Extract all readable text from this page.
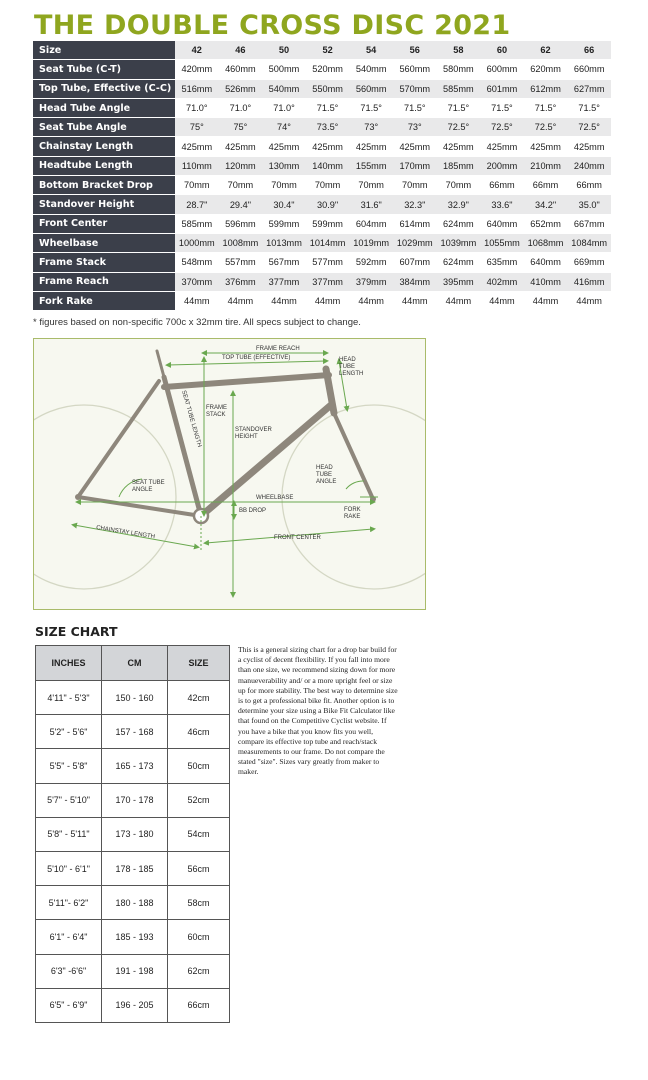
THE DOUBLE CROSS DISC 2021
Size	42	46	50	52	54	56	58	60	62	66
Seat Tube (C-T)	420mm	460mm	500mm	520mm	540mm	560mm	580mm	600mm	620mm	660mm
Top Tube, Effective (C-C)	516mm	526mm	540mm	550mm	560mm	570mm	585mm	601mm	612mm	627mm
Head Tube Angle	71.0°	71.0°	71.0°	71.5°	71.5°	71.5°	71.5°	71.5°	71.5°	71.5°
Seat Tube Angle	75°	75°	74°	73.5°	73°	73°	72.5°	72.5°	72.5°	72.5°
Chainstay Length	425mm	425mm	425mm	425mm	425mm	425mm	425mm	425mm	425mm	425mm
Headtube Length	110mm	120mm	130mm	140mm	155mm	170mm	185mm	200mm	210mm	240mm
Bottom Bracket Drop	70mm	70mm	70mm	70mm	70mm	70mm	70mm	66mm	66mm	66mm
Standover Height	28.7"	29.4"	30.4"	30.9"	31.6"	32.3"	32.9"	33.6"	34.2"	35.0"
Front Center	585mm	596mm	599mm	599mm	604mm	614mm	624mm	640mm	652mm	667mm
Wheelbase	1000mm	1008mm	1013mm	1014mm	1019mm	1029mm	1039mm	1055mm	1068mm	1084mm
Frame Stack	548mm	557mm	567mm	577mm	592mm	607mm	624mm	635mm	640mm	669mm
Frame Reach	370mm	376mm	377mm	377mm	379mm	384mm	395mm	402mm	410mm	416mm
Fork Rake	44mm	44mm	44mm	44mm	44mm	44mm	44mm	44mm	44mm	44mm
* figures based on non-specific 700c x 32mm tire. All specs subject to change.
FRAME REACH
TOP TUBE (EFFECTIVE)	HEAD
TUBE
LENGTH
SEAT TUBE LENGTH FRAME
STACK
STANDOVER
HEIGHT
HEAD
TUBE
ANGLE
SEAT TUBE
ANGLE
WHEELBASE
BB DROP	FORK
RAKE
CHAINSTAY LENGTH	FRONT CENTER
SIZE CHART
INCHES	CM	SIZE
4'11" - 5'3"	150 - 160	42cm
5'2" - 5'6"	157 - 168	46cm
5'5" - 5'8"	165 - 173	50cm
5'7" - 5'10"	170 - 178	52cm
5'8" - 5'11"	173 - 180	54cm
5'10" - 6'1"	178 - 185	56cm
5'11"- 6'2"	180 - 188	58cm
6'1" - 6'4"	185 - 193	60cm
6'3" -6'6"	191 - 198	62cm
6'5" - 6'9"	196 - 205	66cm
This is a general sizing chart for a drop bar build for a cyclist of decent flexibility. If you fall into more than one size, we recommend sizing down for more manueverability and/ or a more upright feel or size up for more stability. The best way to determine size is to get a professional bike fit. Another option is to determine your size using a Bike Fit Calculator like that found on the Competitive Cyclist website. If you have a bike that you know fits you well, compare its effective top tube and reach/stack measurements to our frame. Do not compare the stated "size". Sizes vary greatly from maker to maker.
